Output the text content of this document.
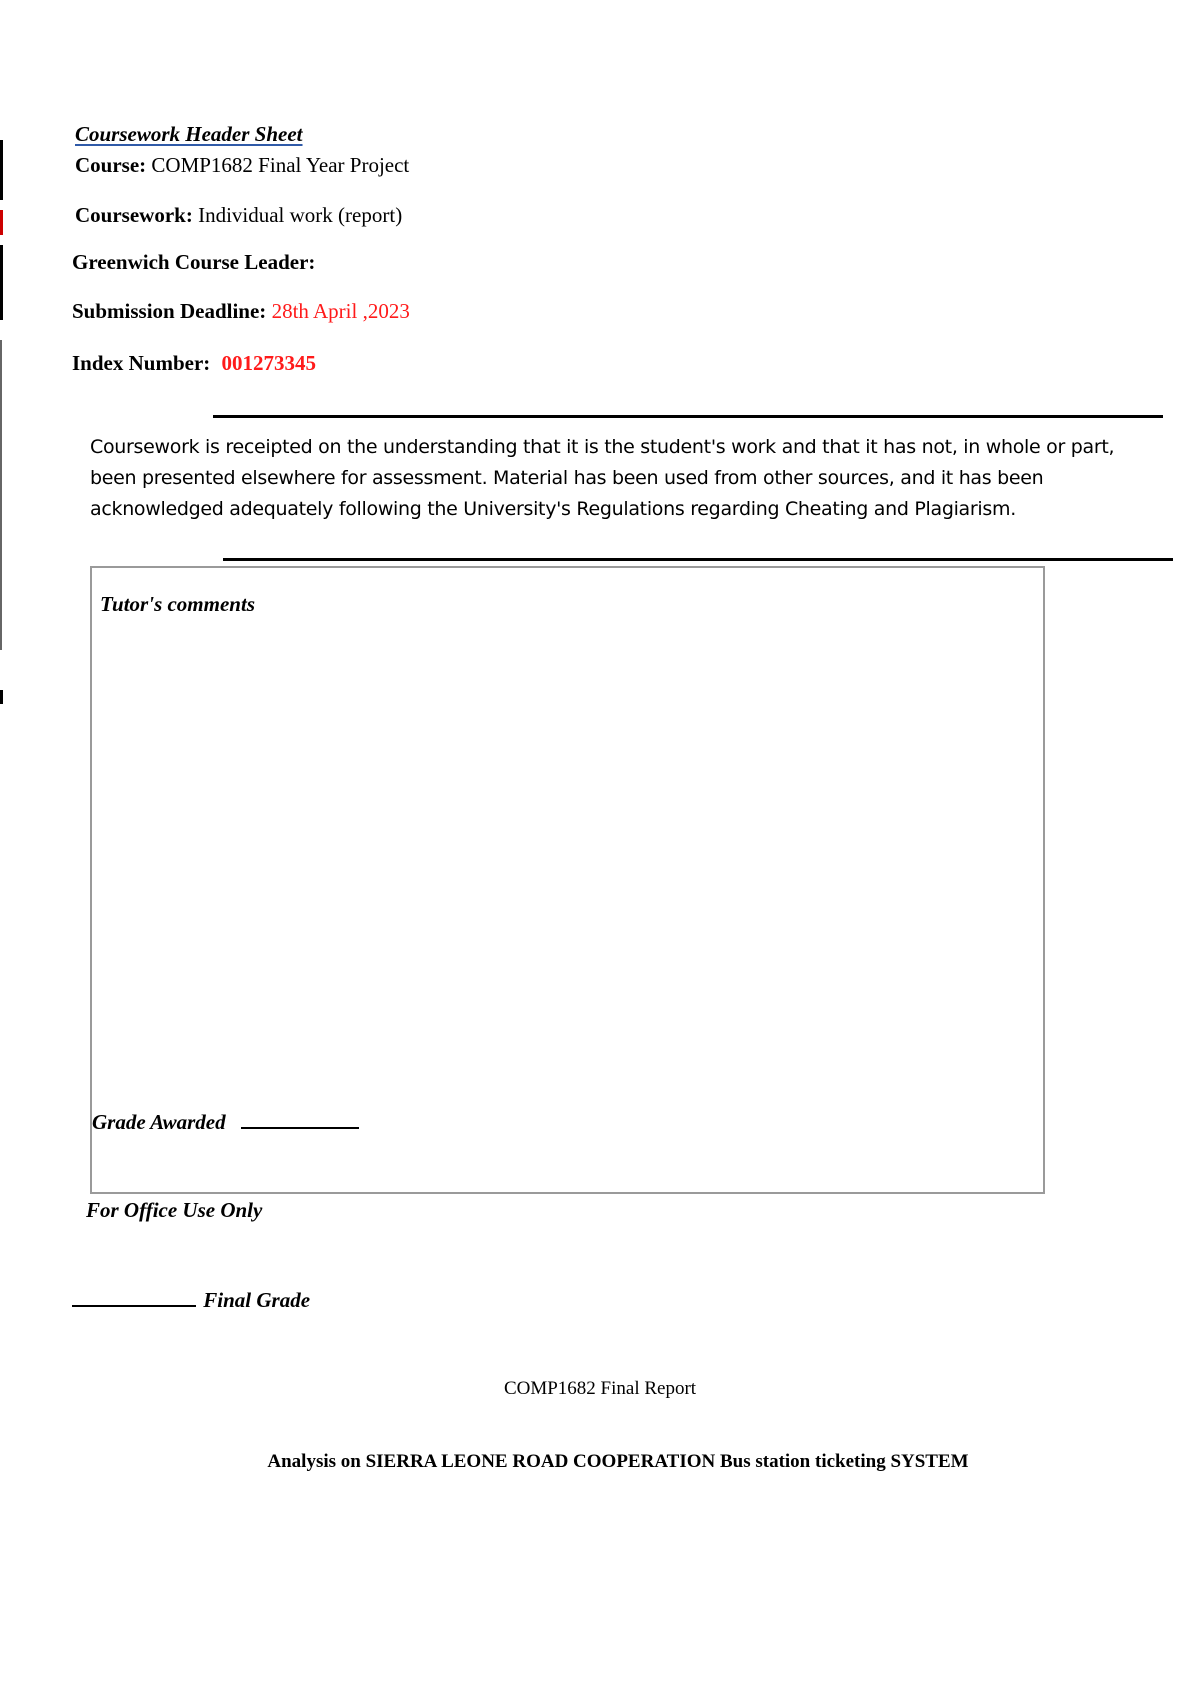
Coursework Header Sheet
Course: COMP1682 Final Year Project
Coursework: Individual work (report)
Greenwich Course Leader:
Submission Deadline: 28th April ,2023
Index Number: 001273345
Coursework is receipted on the understanding that it is the student's work and that it has not, in whole or part, been presented elsewhere for assessment. Material has been used from other sources, and it has been acknowledged adequately following the University's Regulations regarding Cheating and Plagiarism.
Tutor's comments
Grade Awarded
For Office Use Only
Final Grade
COMP1682 Final Report
Analysis on SIERRA LEONE ROAD COOPERATION Bus station ticketing SYSTEM
